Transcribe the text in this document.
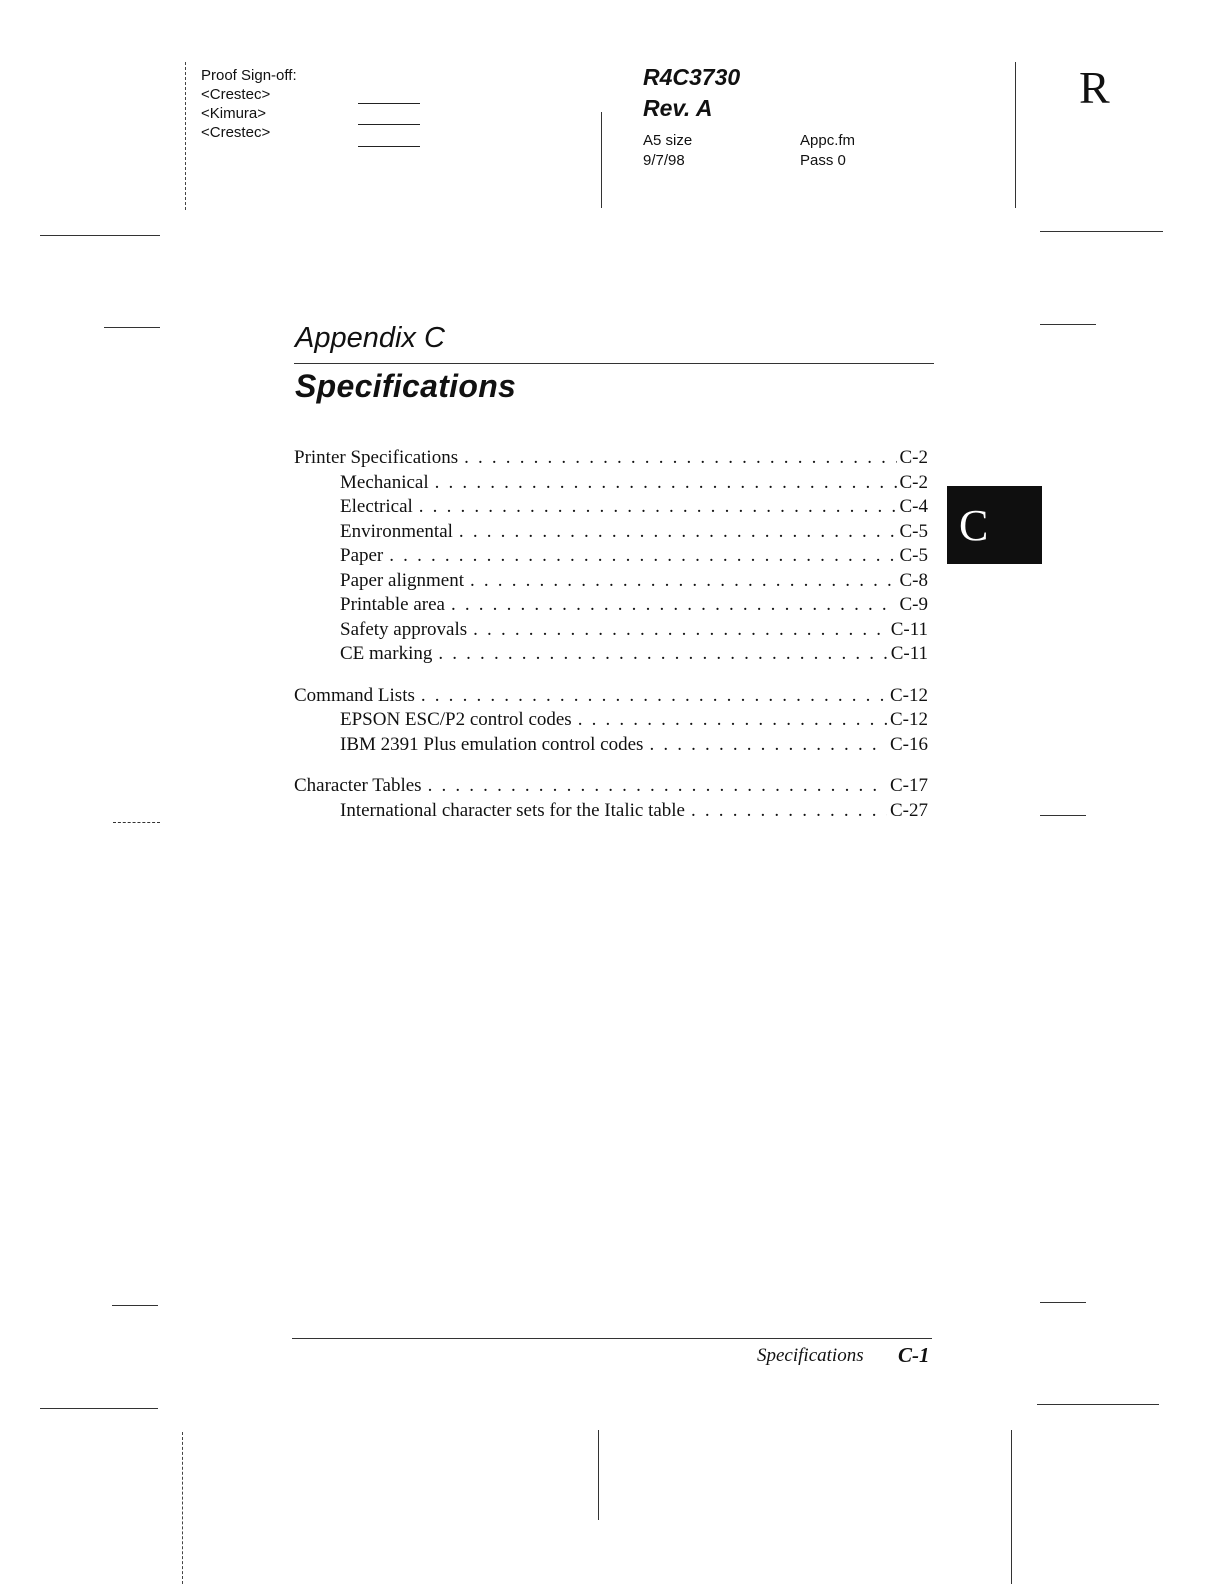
Proof Sign-off:
<Crestec>
<Kimura>
<Crestec>
R4C3730
Rev. A
A5 size
9/7/98
Appc.fm
Pass 0
R
Appendix C
Specifications
Printer Specifications . . .	C-2
Mechanical . . .	C-2
Electrical . . .	C-4
Environmental . . .	C-5
Paper . . .	C-5
Paper alignment . . .	C-8
Printable area . . .	C-9
Safety approvals . . .	C-11
CE marking . . .	C-11
Command Lists . . .	C-12
EPSON ESC/P2 control codes . . .	C-12
IBM 2391 Plus emulation control codes . . .	C-16
Character Tables . . .	C-17
International character sets for the Italic table . . .	C-27
C
Specifications C-1
